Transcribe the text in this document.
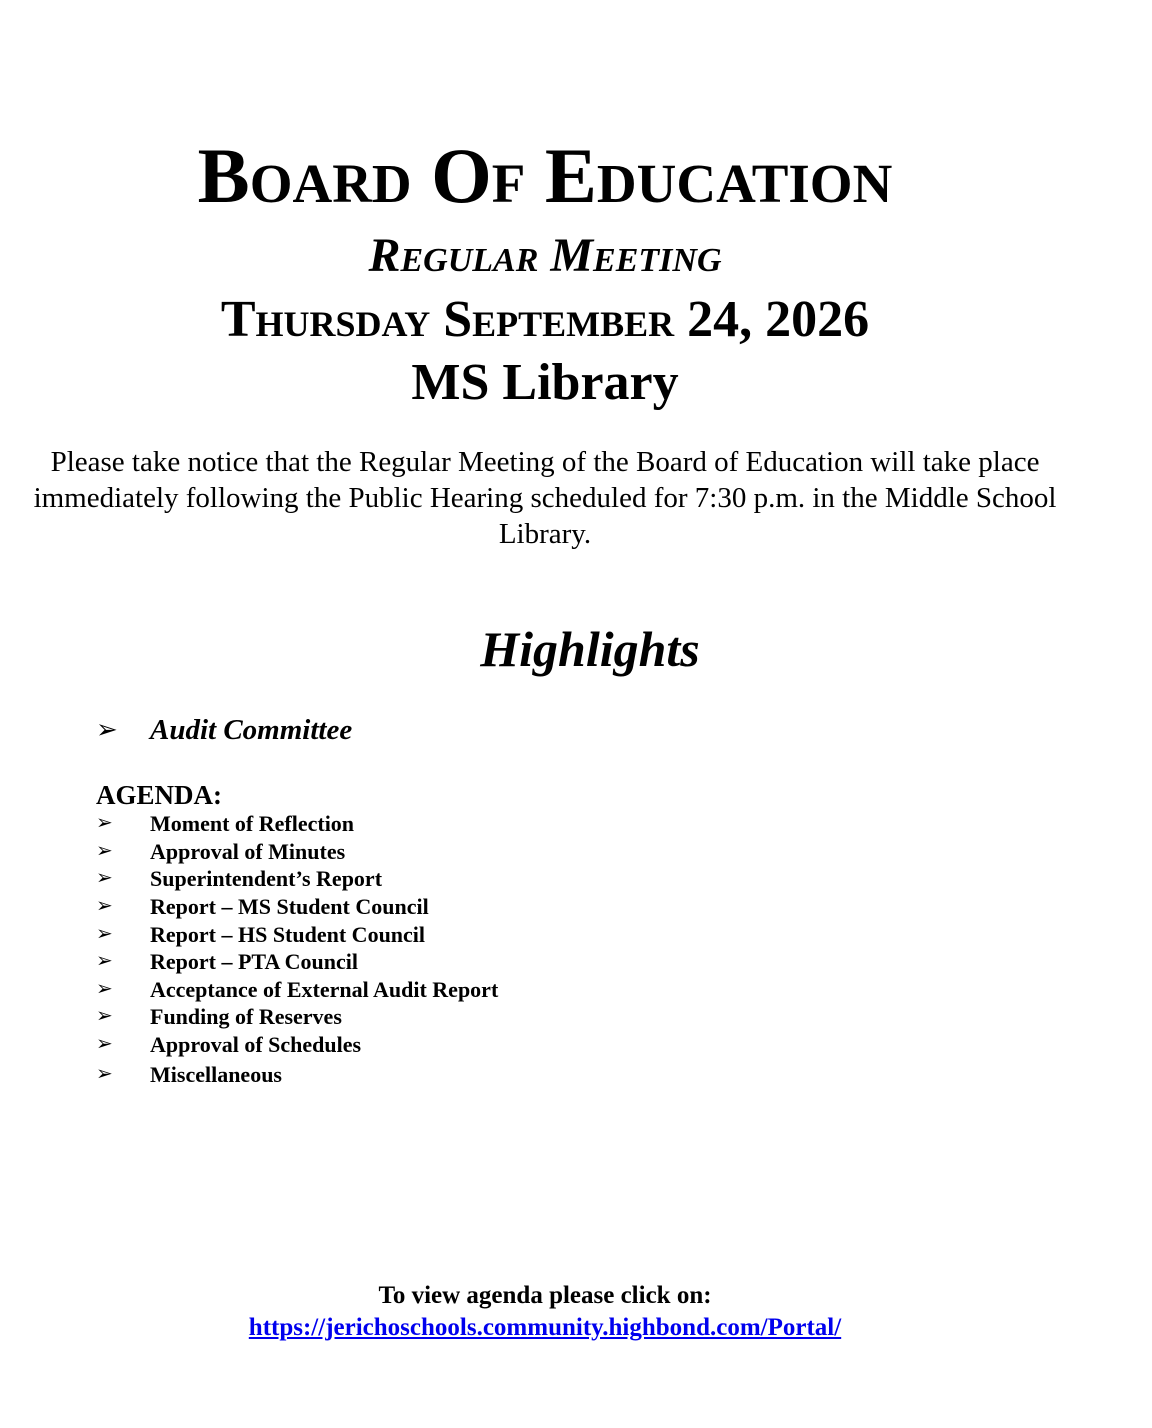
Board Of Education
Regular Meeting
Thursday September 24, 2026
MS Library
Please take notice that the Regular Meeting of the Board of Education will take place immediately following the Public Hearing scheduled for 7:30 p.m. in the Middle School Library.
Highlights
➢	Audit Committee
AGENDA:
➢	Moment of Reflection
➢	Approval of Minutes
➢	Superintendent’s Report
➢	Report – MS Student Council
➢	Report – HS Student Council
➢	Report – PTA Council
➢	Acceptance of External Audit Report
➢	Funding of Reserves
➢	Approval of Schedules
➢	Miscellaneous
To view agenda please click on:
https://jerichoschools.community.highbond.com/Portal/
